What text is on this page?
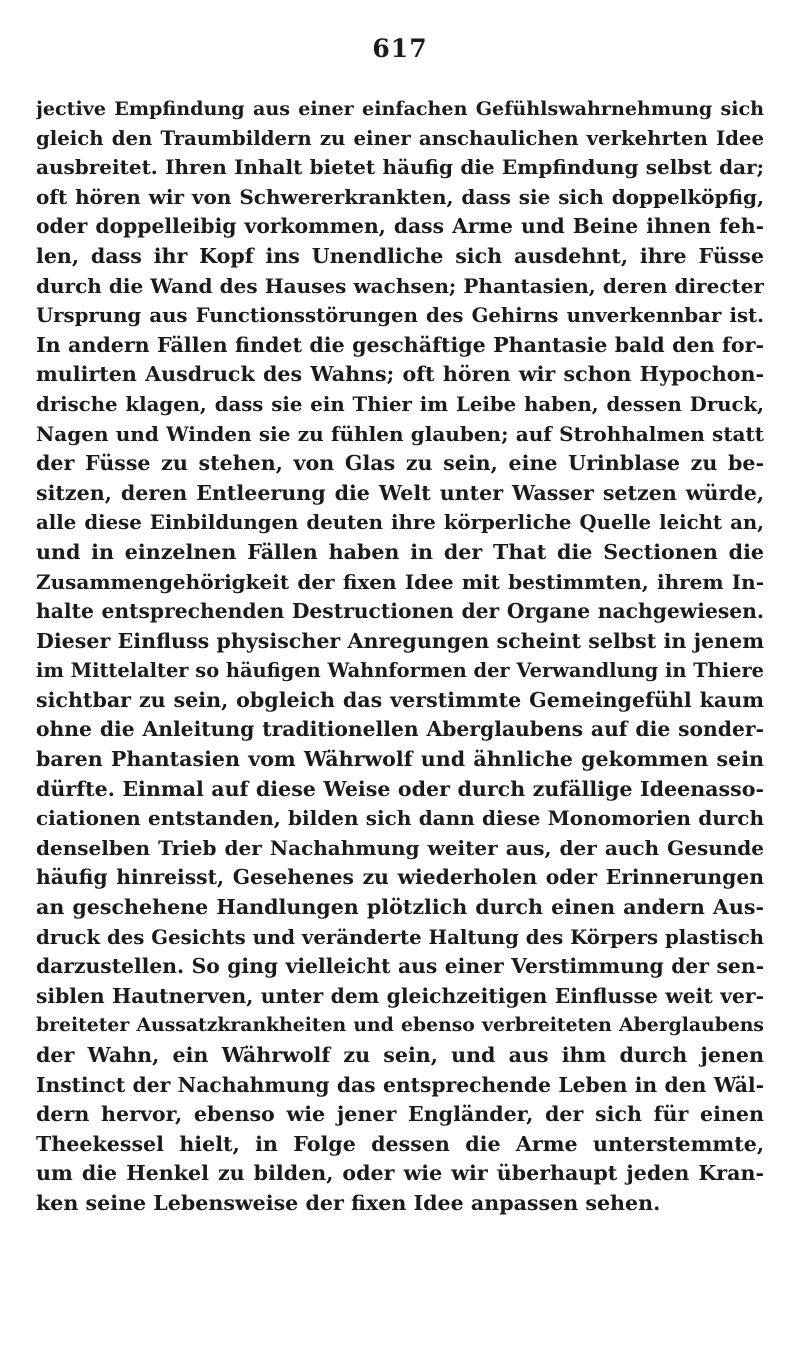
617
jective Empfindung aus einer einfachen Gefühlswahrnehmung sich
gleich den Traumbildern zu einer anschaulichen verkehrten Idee
ausbreitet. Ihren Inhalt bietet häufig die Empfindung selbst dar;
oft hören wir von Schwererkrankten, dass sie sich doppelköpfig,
oder doppelleibig vorkommen, dass Arme und Beine ihnen feh-
len, dass ihr Kopf ins Unendliche sich ausdehnt, ihre Füsse
durch die Wand des Hauses wachsen; Phantasien, deren directer
Ursprung aus Functionsstörungen des Gehirns unverkennbar ist.
In andern Fällen findet die geschäftige Phantasie bald den for-
mulirten Ausdruck des Wahns; oft hören wir schon Hypochon-
drische klagen, dass sie ein Thier im Leibe haben, dessen Druck,
Nagen und Winden sie zu fühlen glauben; auf Strohhalmen statt
der Füsse zu stehen, von Glas zu sein, eine Urinblase zu be-
sitzen, deren Entleerung die Welt unter Wasser setzen würde,
alle diese Einbildungen deuten ihre körperliche Quelle leicht an,
und in einzelnen Fällen haben in der That die Sectionen die
Zusammengehörigkeit der fixen Idee mit bestimmten, ihrem In-
halte entsprechenden Destructionen der Organe nachgewiesen.
Dieser Einfluss physischer Anregungen scheint selbst in jenem
im Mittelalter so häufigen Wahnformen der Verwandlung in Thiere
sichtbar zu sein, obgleich das verstimmte Gemeingefühl kaum
ohne die Anleitung traditionellen Aberglaubens auf die sonder-
baren Phantasien vom Währwolf und ähnliche gekommen sein
dürfte. Einmal auf diese Weise oder durch zufällige Ideenasso-
ciationen entstanden, bilden sich dann diese Monomorien durch
denselben Trieb der Nachahmung weiter aus, der auch Gesunde
häufig hinreisst, Gesehenes zu wiederholen oder Erinnerungen
an geschehene Handlungen plötzlich durch einen andern Aus-
druck des Gesichts und veränderte Haltung des Körpers plastisch
darzustellen. So ging vielleicht aus einer Verstimmung der sen-
siblen Hautnerven, unter dem gleichzeitigen Einflusse weit ver-
breiteter Aussatzkrankheiten und ebenso verbreiteten Aberglaubens
der Wahn, ein Währwolf zu sein, und aus ihm durch jenen
Instinct der Nachahmung das entsprechende Leben in den Wäl-
dern hervor, ebenso wie jener Engländer, der sich für einen
Theekessel hielt, in Folge dessen die Arme unterstemmte,
um die Henkel zu bilden, oder wie wir überhaupt jeden Kran-
ken seine Lebensweise der fixen Idee anpassen sehen.
